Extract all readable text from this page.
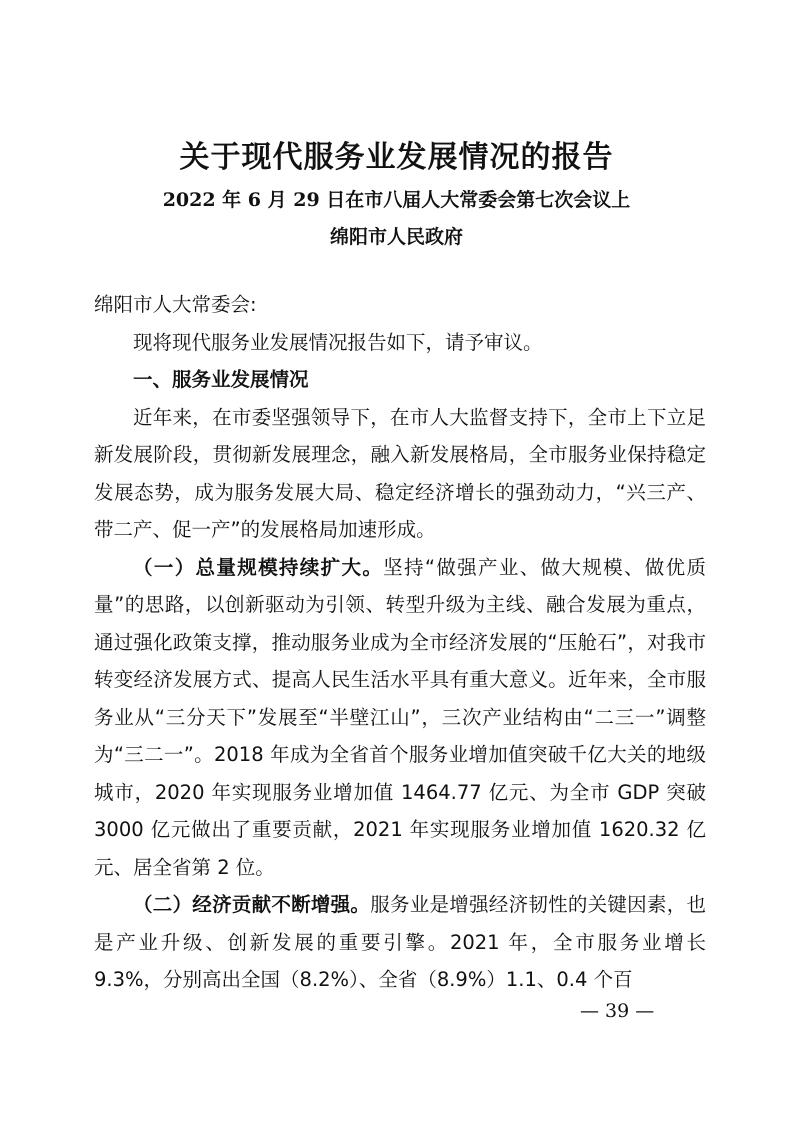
关于现代服务业发展情况的报告
2022 年 6 月 29 日在市八届人大常委会第七次会议上
绵阳市人民政府

绵阳市人大常委会:

现将现代服务业发展情况报告如下，请予审议。

一、服务业发展情况

近年来，在市委坚强领导下，在市人大监督支持下，全市上下立足新发展阶段，贯彻新发展理念，融入新发展格局，全市服务业保持稳定发展态势，成为服务发展大局、稳定经济增长的强劲动力，“兴三产、带二产、促一产”的发展格局加速形成。

（一）总量规模持续扩大。坚持“做强产业、做大规模、做优质量”的思路，以创新驱动为引领、转型升级为主线、融合发展为重点，通过强化政策支撑，推动服务业成为全市经济发展的“压舱石”，对我市转变经济发展方式、提高人民生活水平具有重大意义。近年来，全市服务业从“三分天下”发展至“半壁江山”，三次产业结构由“二三一”调整为“三二一”。2018 年成为全省首个服务业增加值突破千亿大关的地级城市，2020 年实现服务业增加值 1464.77 亿元、为全市 GDP 突破 3000 亿元做出了重要贡献，2021 年实现服务业增加值 1620.32 亿元、居全省第 2 位。

（二）经济贡献不断增强。服务业是增强经济韧性的关键因素，也是产业升级、创新发展的重要引擎。2021 年，全市服务业增长 9.3%，分别高出全国（8.2%）、全省（8.9%）1.1、0.4 个百

— 39 —
